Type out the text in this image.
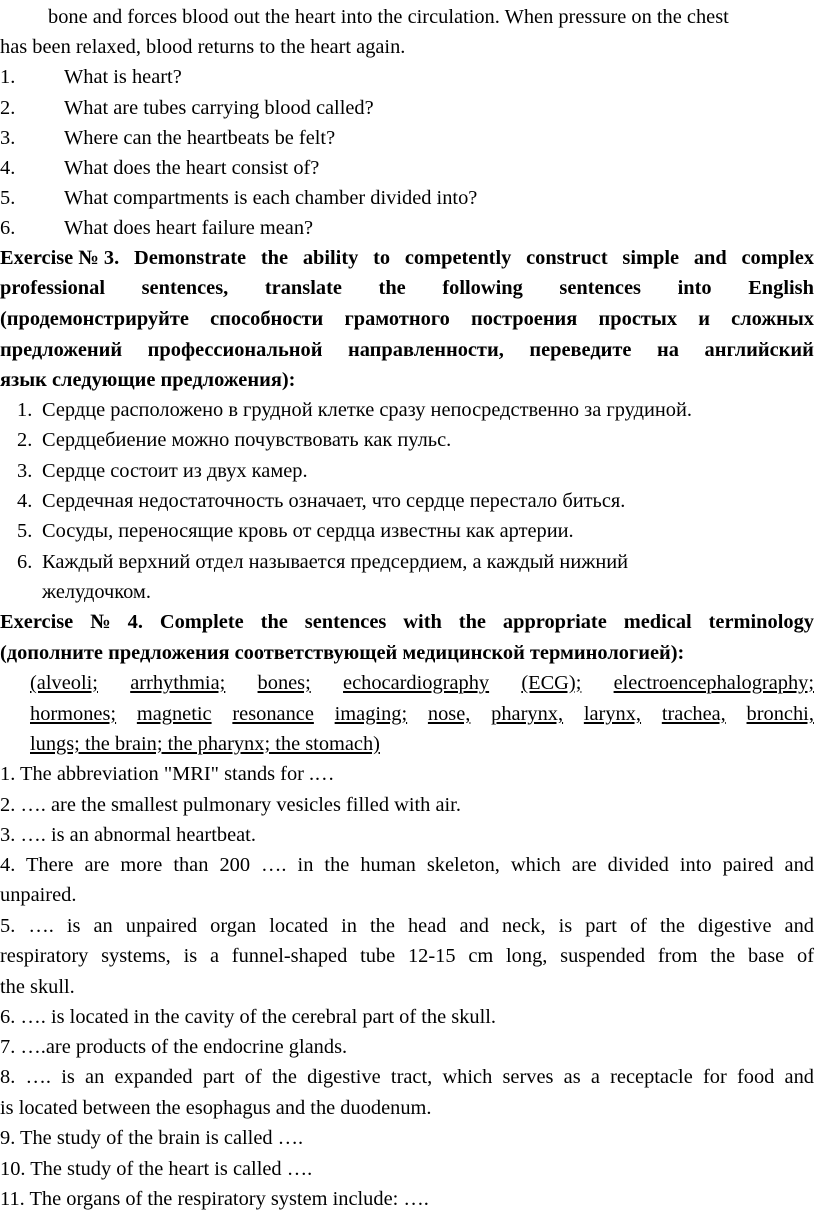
bone and forces blood out the heart into the circulation. When pressure on the chest
has been relaxed, blood returns to the heart again.
1. What is heart?
2. What are tubes carrying blood called?
3. Where can the heartbeats be felt?
4. What does the heart consist of?
5. What compartments is each chamber divided into?
6. What does heart failure mean?
Exercise № 3. Demonstrate the ability to competently construct simple and complex
professional sentences, translate the following sentences into English
(продемонстрируйте способности грамотного построения простых и сложных
предложений профессиональной направленности, переведите на английский
язык следующие предложения):
1. Сердце расположено в грудной клетке сразу непосредственно за грудиной.
2. Сердцебиение можно почувствовать как пульс.
3. Сердце состоит из двух камер.
4. Сердечная недостаточность означает, что сердце перестало биться.
5. Сосуды, переносящие кровь от сердца известны как артерии.
6. Каждый верхний отдел называется предсердием, а каждый нижний
желудочком.
Exercise № 4. Complete the sentences with the appropriate medical terminology
(дополните предложения соответствующей медицинской терминологией):
(alveoli; arrhythmia; bones; echocardiography (ECG); electroencephalography;
hormones; magnetic resonance imaging; nose, pharynx, larynx, trachea, bronchi,
lungs; the brain; the pharynx; the stomach)
1. The abbreviation "MRI" stands for .…
2. …. are the smallest pulmonary vesicles filled with air.
3. …. is an abnormal heartbeat.
4. There are more than 200 …. in the human skeleton, which are divided into paired and
unpaired.
5. …. is an unpaired organ located in the head and neck, is part of the digestive and
respiratory systems, is a funnel-shaped tube 12-15 cm long, suspended from the base of
the skull.
6. …. is located in the cavity of the cerebral part of the skull.
7. ….are products of the endocrine glands.
8. …. is an expanded part of the digestive tract, which serves as a receptacle for food and
is located between the esophagus and the duodenum.
9. The study of the brain is called ….
10. The study of the heart is called ….
11. The organs of the respiratory system include: ….
